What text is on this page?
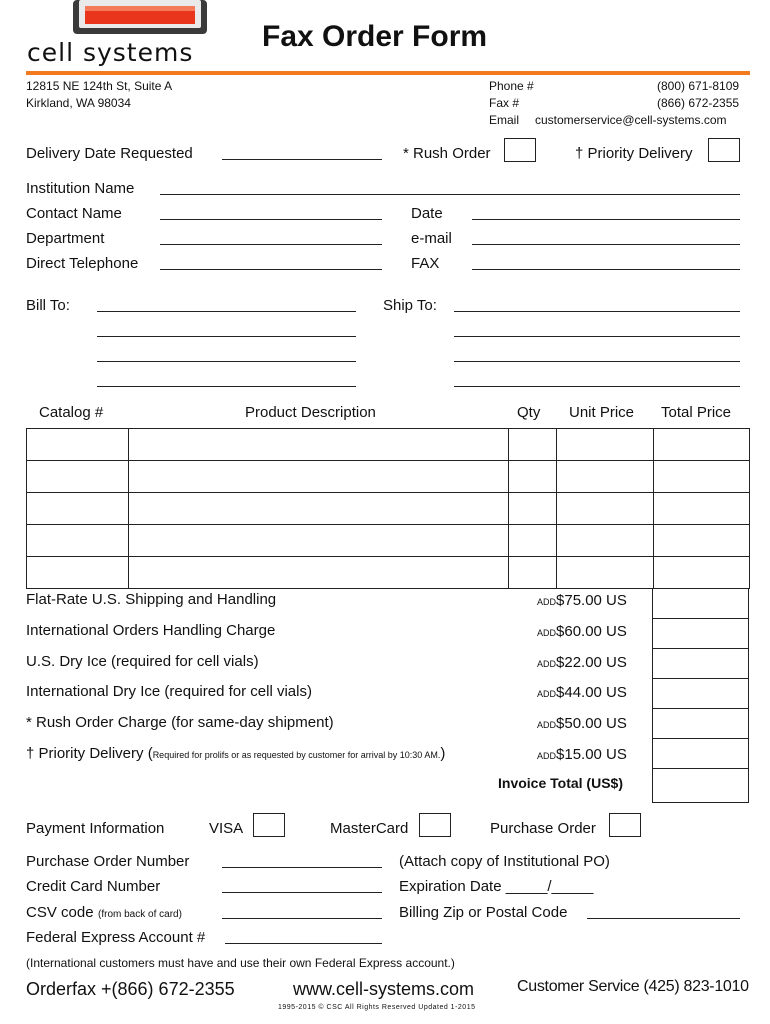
cell systems Fax Order Form
12815 NE 124th St, Suite A
Kirkland, WA 98034
Phone #	(800) 671-8109
Fax #	(866) 672-2355
Email customerservice@cell-systems.com
Delivery Date Requested	* Rush Order	† Priority Delivery
Institution Name
Contact Name	Date
Department	e-mail
Direct Telephone	FAX
Bill To:	Ship To:
Catalog #	Product Description	Qty Unit Price Total Price

Flat-Rate U.S. Shipping and Handling	ADD$75.00 US
International Orders Handling Charge	ADD$60.00 US
U.S. Dry Ice (required for cell vials)	ADD$22.00 US
International Dry Ice (required for cell vials)	ADD$44.00 US
* Rush Order Charge (for same-day shipment)	ADD$50.00 US
† Priority Delivery (Required for prolifs or as requested by customer for arrival by 10:30 AM.)	ADD$15.00 US
Invoice Total (US$)
Payment Information	VISA	MasterCard	Purchase Order
Purchase Order Number	(Attach copy of Institutional PO)
Credit Card Number	Expiration Date _____/_____
CSV code (from back of card)	Billing Zip or Postal Code
Federal Express Account #
(International customers must have and use their own Federal Express account.)
Orderfax +(866) 672-2355	www.cell-systems.com	Customer Service (425) 823-1010
1995-2015 © CSC All Rights Reserved Updated 1-2015
